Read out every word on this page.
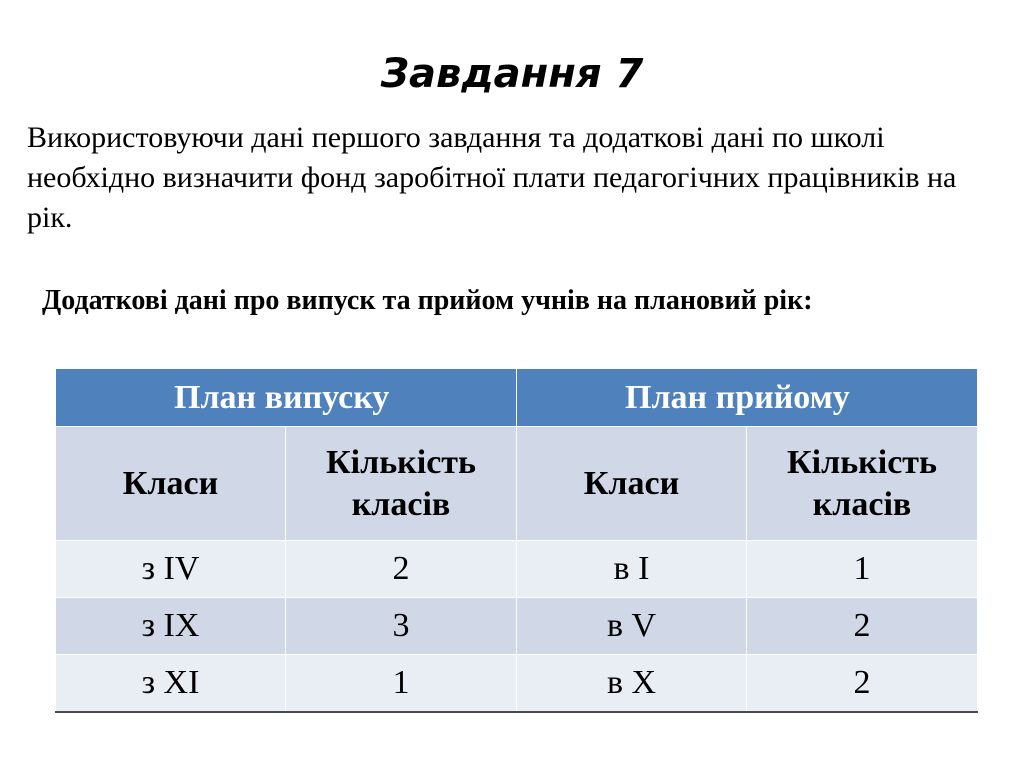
Завдання 7
Використовуючи дані першого завдання та додаткові дані по школі необхідно визначити фонд заробітної плати педагогічних працівників на рік.
Додаткові дані про випуск та прийом учнів на плановий рік:
План випуску		План прийому	
Класи	Кількість класів	Класи	Кількість класів
з IV	2	в I	1
з IX	3	в V	2
з XI	1	в X	2
